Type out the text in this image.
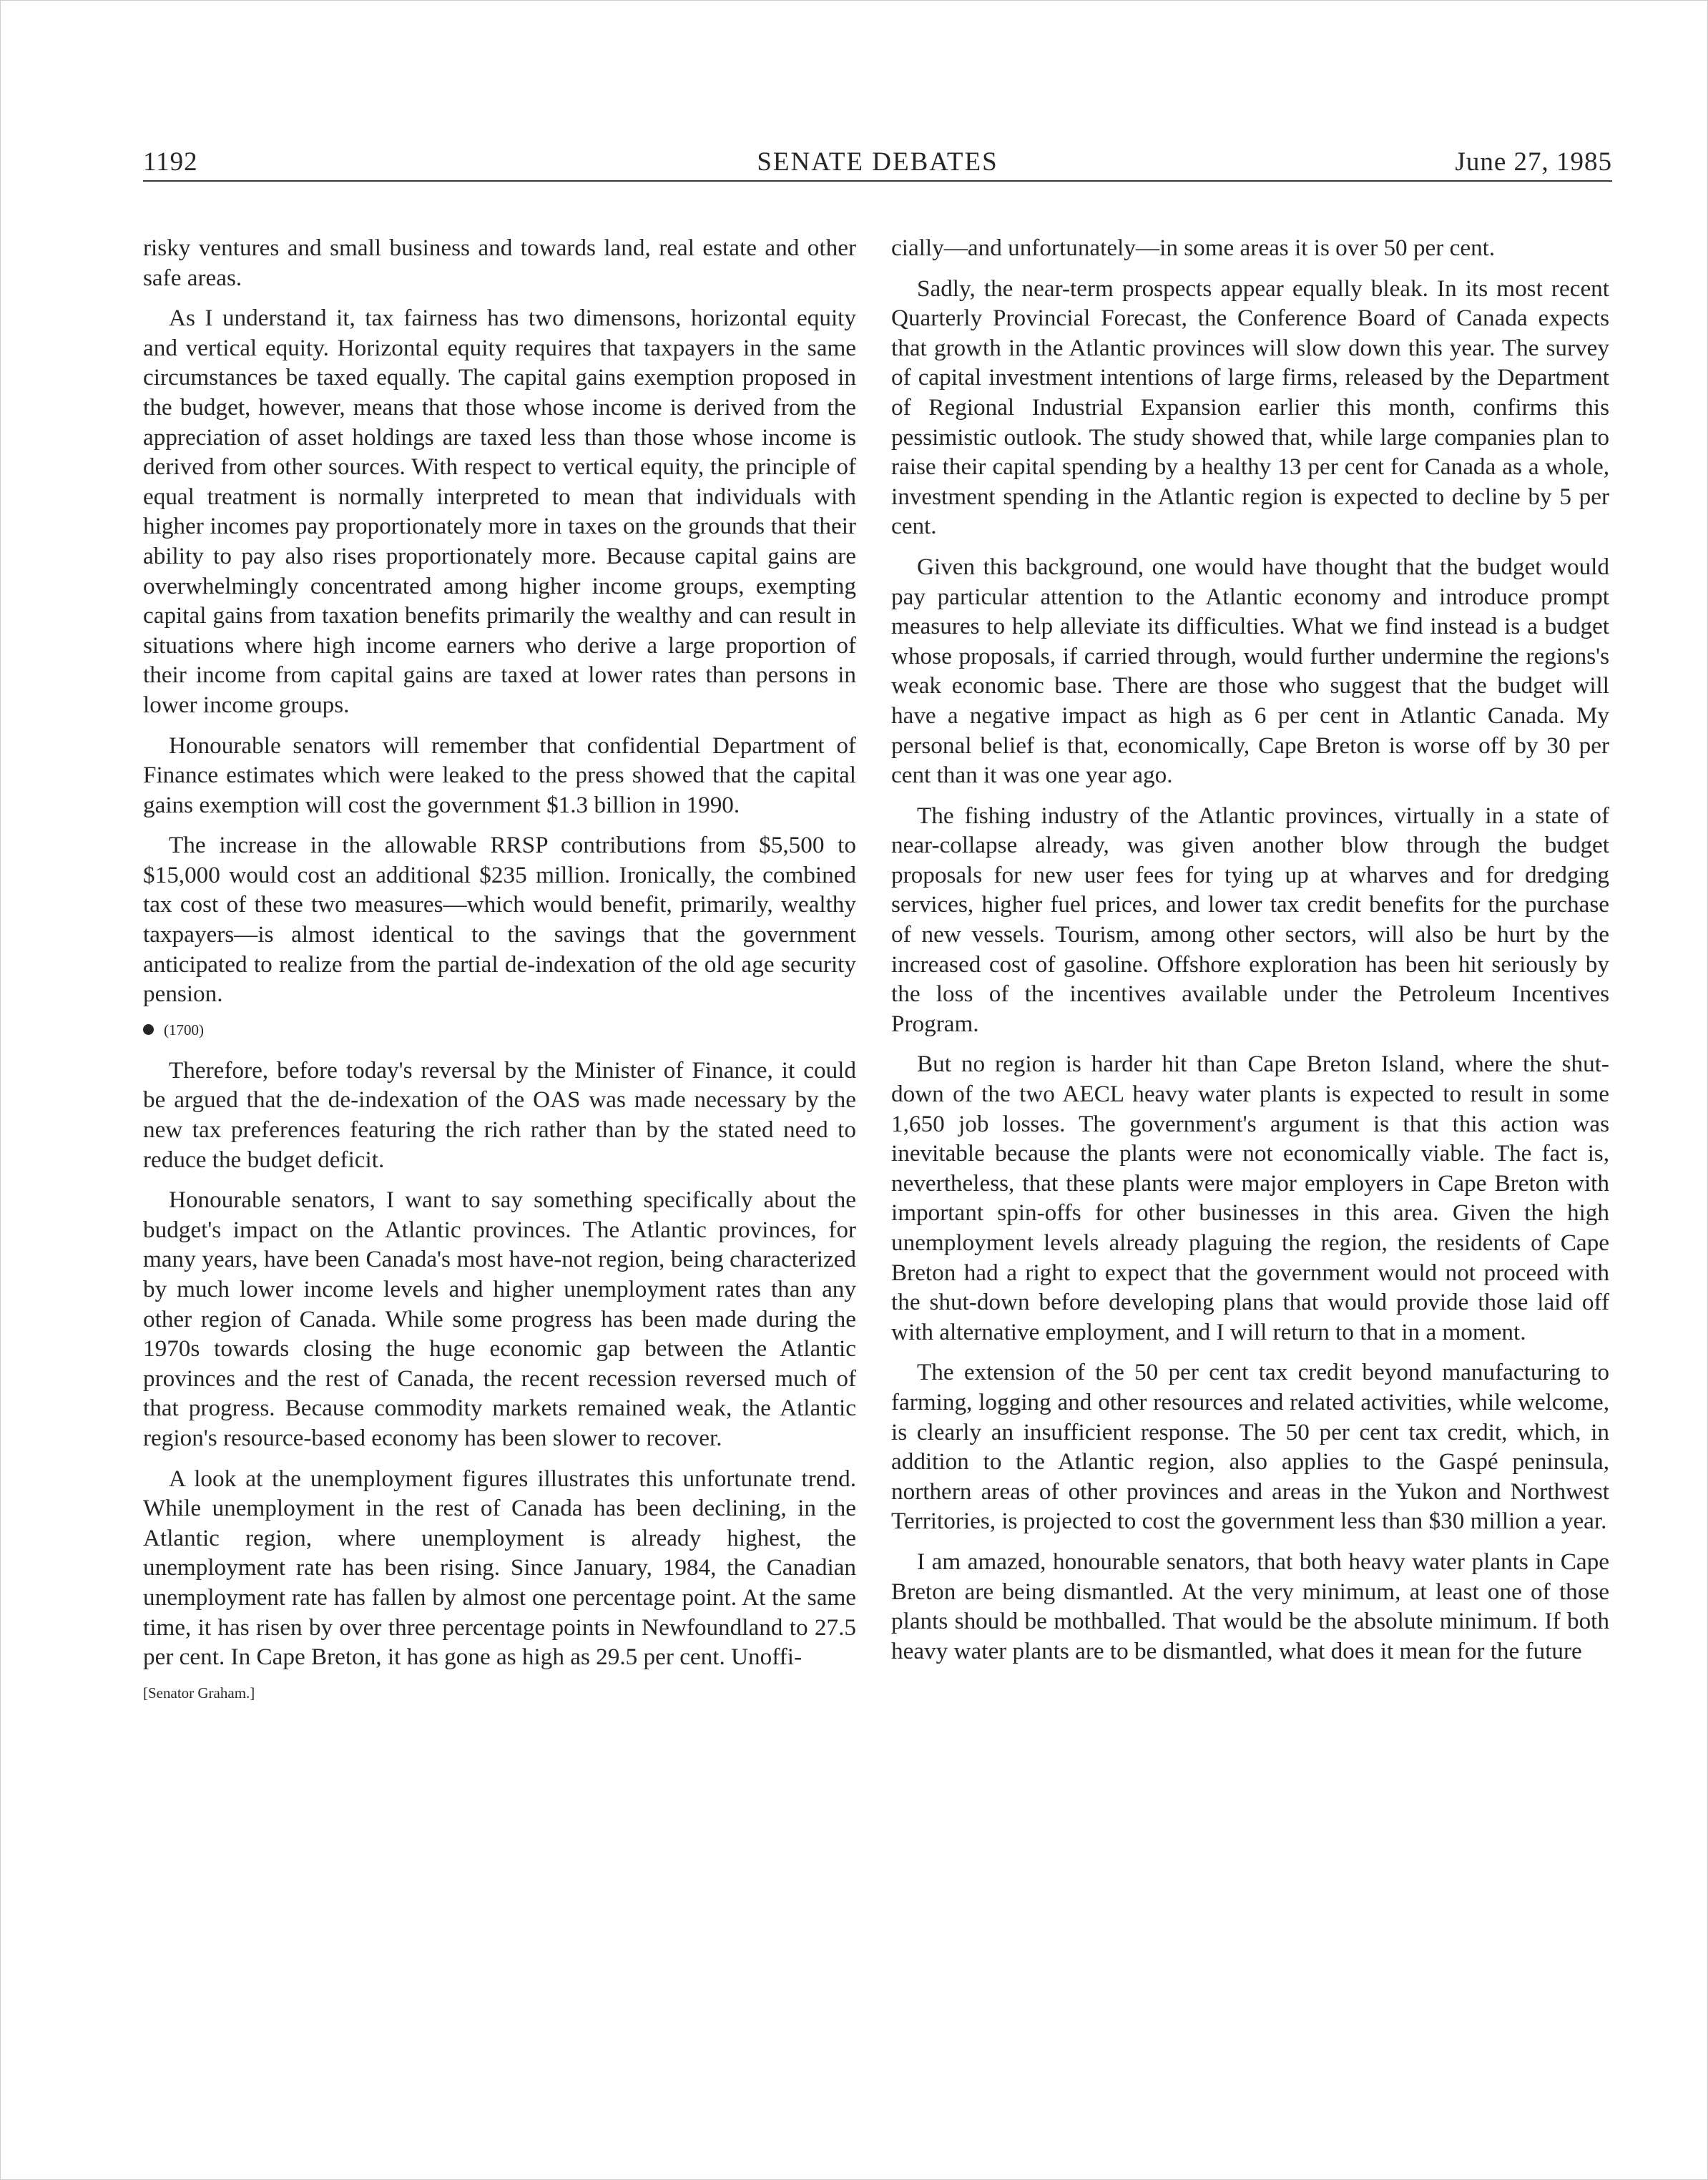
1192	SENATE DEBATES	June 27, 1985

risky ventures and small business and towards land, real estate and other safe areas.

As I understand it, tax fairness has two dimensons, horizontal equity and vertical equity. Horizontal equity requires that taxpayers in the same circumstances be taxed equally. The capital gains exemption proposed in the budget, however, means that those whose income is derived from the appreciation of asset holdings are taxed less than those whose income is derived from other sources. With respect to vertical equity, the principle of equal treatment is normally interpreted to mean that individuals with higher incomes pay proportionately more in taxes on the grounds that their ability to pay also rises proportionately more. Because capital gains are overwhelmingly concentrated among higher income groups, exempting capital gains from taxation benefits primarily the wealthy and can result in situations where high income earners who derive a large proportion of their income from capital gains are taxed at lower rates than persons in lower income groups.

Honourable senators will remember that confidential Department of Finance estimates which were leaked to the press showed that the capital gains exemption will cost the government $1.3 billion in 1990.

The increase in the allowable RRSP contributions from $5,500 to $15,000 would cost an additional $235 million. Ironically, the combined tax cost of these two measures—which would benefit, primarily, wealthy taxpayers—is almost identical to the savings that the government anticipated to realize from the partial de-indexation of the old age security pension.

(1700)

Therefore, before today's reversal by the Minister of Finance, it could be argued that the de-indexation of the OAS was made necessary by the new tax preferences featuring the rich rather than by the stated need to reduce the budget deficit.

Honourable senators, I want to say something specifically about the budget's impact on the Atlantic provinces. The Atlantic provinces, for many years, have been Canada's most have-not region, being characterized by much lower income levels and higher unemployment rates than any other region of Canada. While some progress has been made during the 1970s towards closing the huge economic gap between the Atlantic provinces and the rest of Canada, the recent recession reversed much of that progress. Because commodity markets remained weak, the Atlantic region's resource-based economy has been slower to recover.

A look at the unemployment figures illustrates this unfortunate trend. While unemployment in the rest of Canada has been declining, in the Atlantic region, where unemployment is already highest, the unemployment rate has been rising. Since January, 1984, the Canadian unemployment rate has fallen by almost one percentage point. At the same time, it has risen by over three percentage points in Newfoundland to 27.5 per cent. In Cape Breton, it has gone as high as 29.5 per cent. Unoffi-

[Senator Graham.]

cially—and unfortunately—in some areas it is over 50 per cent.

Sadly, the near-term prospects appear equally bleak. In its most recent Quarterly Provincial Forecast, the Conference Board of Canada expects that growth in the Atlantic provinces will slow down this year. The survey of capital investment intentions of large firms, released by the Department of Regional Industrial Expansion earlier this month, confirms this pessimistic outlook. The study showed that, while large companies plan to raise their capital spending by a healthy 13 per cent for Canada as a whole, investment spending in the Atlantic region is expected to decline by 5 per cent.

Given this background, one would have thought that the budget would pay particular attention to the Atlantic economy and introduce prompt measures to help alleviate its difficulties. What we find instead is a budget whose proposals, if carried through, would further undermine the regions's weak economic base. There are those who suggest that the budget will have a negative impact as high as 6 per cent in Atlantic Canada. My personal belief is that, economically, Cape Breton is worse off by 30 per cent than it was one year ago.

The fishing industry of the Atlantic provinces, virtually in a state of near-collapse already, was given another blow through the budget proposals for new user fees for tying up at wharves and for dredging services, higher fuel prices, and lower tax credit benefits for the purchase of new vessels. Tourism, among other sectors, will also be hurt by the increased cost of gasoline. Offshore exploration has been hit seriously by the loss of the incentives available under the Petroleum Incentives Program.

But no region is harder hit than Cape Breton Island, where the shut-down of the two AECL heavy water plants is expected to result in some 1,650 job losses. The government's argument is that this action was inevitable because the plants were not economically viable. The fact is, nevertheless, that these plants were major employers in Cape Breton with important spin-offs for other businesses in this area. Given the high unemployment levels already plaguing the region, the residents of Cape Breton had a right to expect that the government would not proceed with the shut-down before developing plans that would provide those laid off with alternative employment, and I will return to that in a moment.

The extension of the 50 per cent tax credit beyond manufacturing to farming, logging and other resources and related activities, while welcome, is clearly an insufficient response. The 50 per cent tax credit, which, in addition to the Atlantic region, also applies to the Gaspé peninsula, northern areas of other provinces and areas in the Yukon and Northwest Territories, is projected to cost the government less than $30 million a year.

I am amazed, honourable senators, that both heavy water plants in Cape Breton are being dismantled. At the very minimum, at least one of those plants should be mothballed. That would be the absolute minimum. If both heavy water plants are to be dismantled, what does it mean for the future
